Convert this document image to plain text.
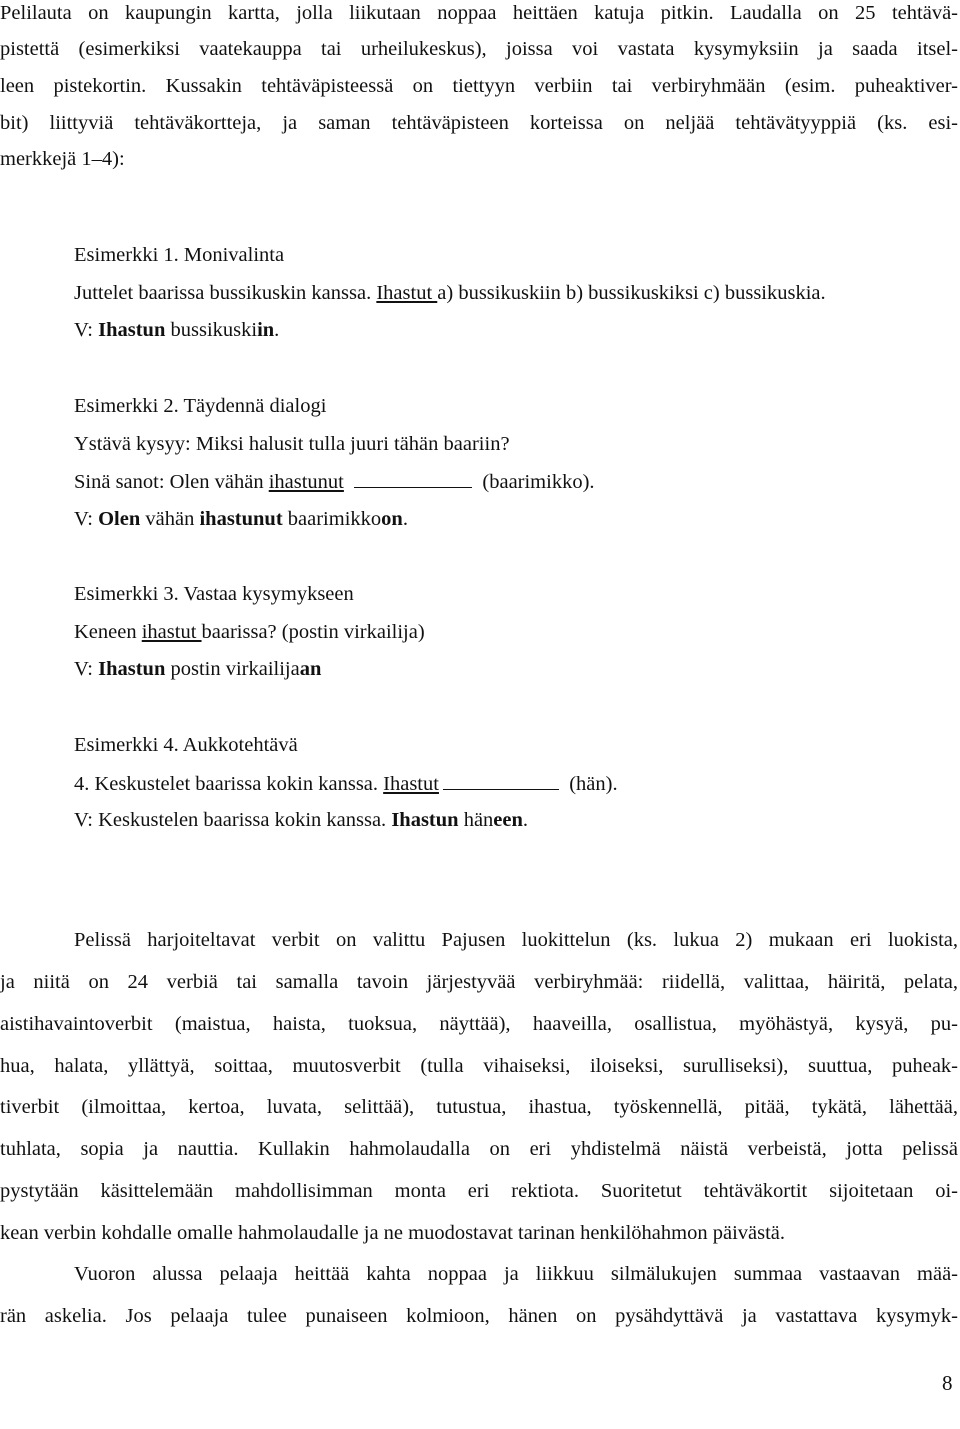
Pelilauta on kaupungin kartta, jolla liikutaan noppaa heittäen katuja pitkin. Laudalla on 25 tehtävä-
pistettä (esimerkiksi vaatekauppa tai urheilukeskus), joissa voi vastata kysymyksiin ja saada itsel-
leen pistekortin. Kussakin tehtäväpisteessä on tiettyyn verbiin tai verbiryhmään (esim. puheaktiver-
bit) liittyviä tehtäväkortteja, ja saman tehtäväpisteen korteissa on neljää tehtävätyyppiä (ks. esi-
merkkejä 1–4):
Esimerkki 1. Monivalinta
Juttelet baarissa bussikuskin kanssa. Ihastut a) bussikuskiin b) bussikuskiksi c) bussikuskia.
V: Ihastun bussikuskiin.
Esimerkki 2. Täydennä dialogi
Ystävä kysyy: Miksi halusit tulla juuri tähän baariin?
Sinä sanot: Olen vähän ihastunut	(baarimikko).
V: Olen vähän ihastunut baarimikkoon.
Esimerkki 3. Vastaa kysymykseen
Keneen ihastut baarissa? (postin virkailija)
V: Ihastun postin virkailijaan
Esimerkki 4. Aukkotehtävä
4. Keskustelet baarissa kokin kanssa. Ihastut	(hän).
V: Keskustelen baarissa kokin kanssa. Ihastun häneen.
Pelissä harjoiteltavat verbit on valittu Pajusen luokittelun (ks. lukua 2) mukaan eri luokista,
ja niitä on 24 verbiä tai samalla tavoin järjestyvää verbiryhmää: riidellä, valittaa, häiritä, pelata,
aistihavaintoverbit (maistua, haista, tuoksua, näyttää), haaveilla, osallistua, myöhästyä, kysyä, pu-
hua, halata, yllättyä, soittaa, muutosverbit (tulla vihaiseksi, iloiseksi, surulliseksi), suuttua, puheak-
tiverbit (ilmoittaa, kertoa, luvata, selittää), tutustua, ihastua, työskennellä, pitää, tykätä, lähettää,
tuhlata, sopia ja nauttia. Kullakin hahmolaudalla on eri yhdistelmä näistä verbeistä, jotta pelissä
pystytään käsittelemään mahdollisimman monta eri rektiota. Suoritetut tehtäväkortit sijoitetaan oi-
kean verbin kohdalle omalle hahmolaudalle ja ne muodostavat tarinan henkilöhahmon päivästä.
Vuoron alussa pelaaja heittää kahta noppaa ja liikkuu silmälukujen summaa vastaavan mää-
rän askelia. Jos pelaaja tulee punaiseen kolmioon, hänen on pysähdyttävä ja vastattava kysymyk-
8
